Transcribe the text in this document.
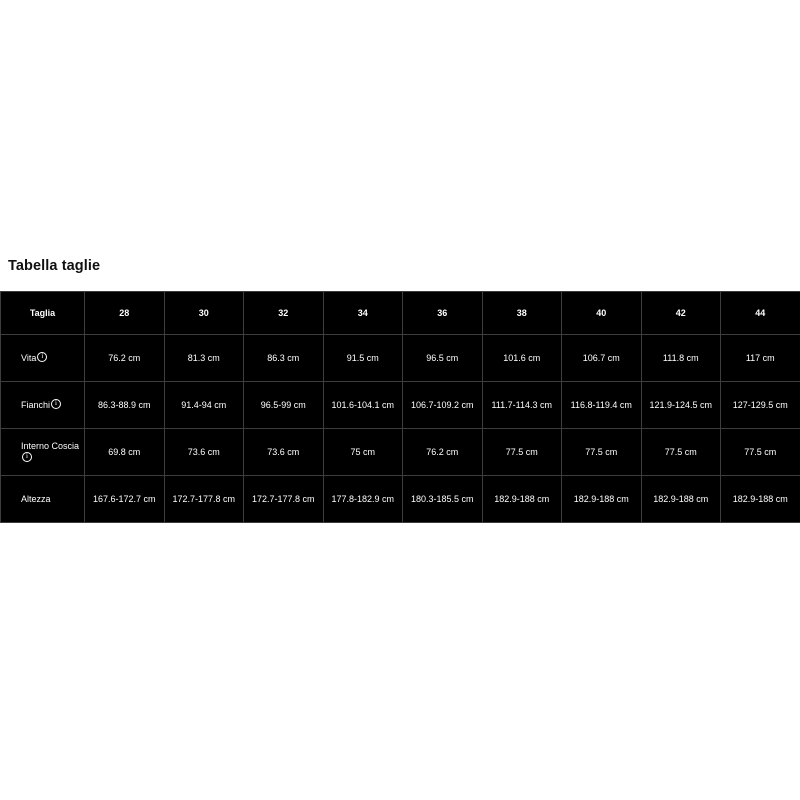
Tabella taglie
Taglia	28	30	32	34	36	38	40	42	44
Vitai	76.2 cm	81.3 cm	86.3 cm	91.5 cm	96.5 cm	101.6 cm	106.7 cm	111.8 cm	117 cm
Fianchii	86.3-88.9 cm	91.4-94 cm	96.5-99 cm	101.6-104.1 cm	106.7-109.2 cm	111.7-114.3 cm	116.8-119.4 cm	121.9-124.5 cm	127-129.5 cm
Interno Cosciai	69.8 cm	73.6 cm	73.6 cm	75 cm	76.2 cm	77.5 cm	77.5 cm	77.5 cm	77.5 cm
Altezza	167.6-172.7 cm	172.7-177.8 cm	172.7-177.8 cm	177.8-182.9 cm	180.3-185.5 cm	182.9-188 cm	182.9-188 cm	182.9-188 cm	182.9-188 cm
